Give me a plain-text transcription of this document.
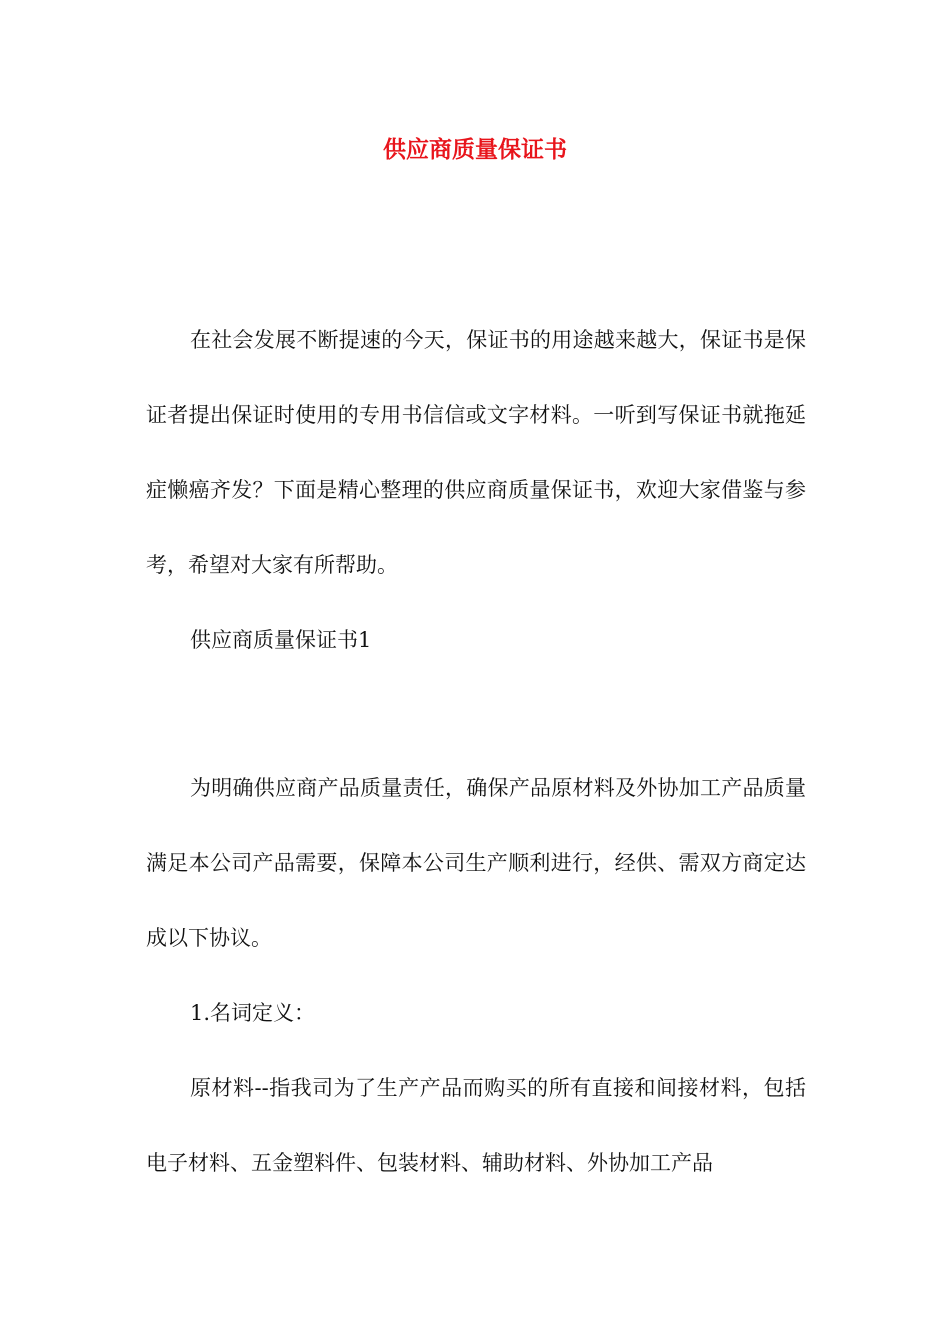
供应商质量保证书

在社会发展不断提速的今天，保证书的用途越来越大，保证书是保证者提出保证时使用的专用书信信或文字材料。一听到写保证书就拖延症懒癌齐发？下面是精心整理的供应商质量保证书，欢迎大家借鉴与参考，希望对大家有所帮助。

供应商质量保证书1

为明确供应商产品质量责任，确保产品原材料及外协加工产品质量满足本公司产品需要，保障本公司生产顺利进行，经供、需双方商定达成以下协议。

1.名词定义：

原材料--指我司为了生产产品而购买的所有直接和间接材料，包括电子材料、五金塑料件、包装材料、辅助材料、外协加工产品
